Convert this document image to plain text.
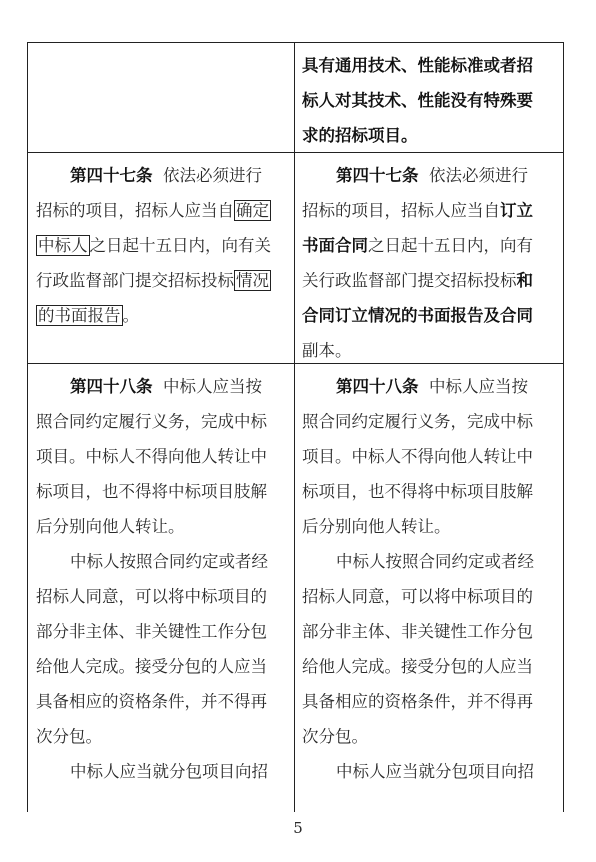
具有通用技术、性能标准或者招
标人对其技术、性能没有特殊要
求的招标项目。
第四十七条 依法必须进行
招标的项目，招标人应当自 确定
中标人 之日起十五日内，向有关
行政监督部门提交招标投标 情况
的书面报告 。
第四十七条 依法必须进行
招标的项目，招标人应当自订立
书面合同之日起十五日内，向有
关行政监督部门提交招标投标和
合同订立情况的书面报告及合同
副本。
第四十八条 中标人应当按
照合同约定履行义务，完成中标
项目。中标人不得向他人转让中
标项目，也不得将中标项目肢解
后分别向他人转让。
中标人按照合同约定或者经
招标人同意，可以将中标项目的
部分非主体、非关键性工作分包
给他人完成。接受分包的人应当
具备相应的资格条件，并不得再
次分包。
中标人应当就分包项目向招
第四十八条 中标人应当按
照合同约定履行义务，完成中标
项目。中标人不得向他人转让中
标项目，也不得将中标项目肢解
后分别向他人转让。
中标人按照合同约定或者经
招标人同意，可以将中标项目的
部分非主体、非关键性工作分包
给他人完成。接受分包的人应当
具备相应的资格条件，并不得再
次分包。
中标人应当就分包项目向招
5
